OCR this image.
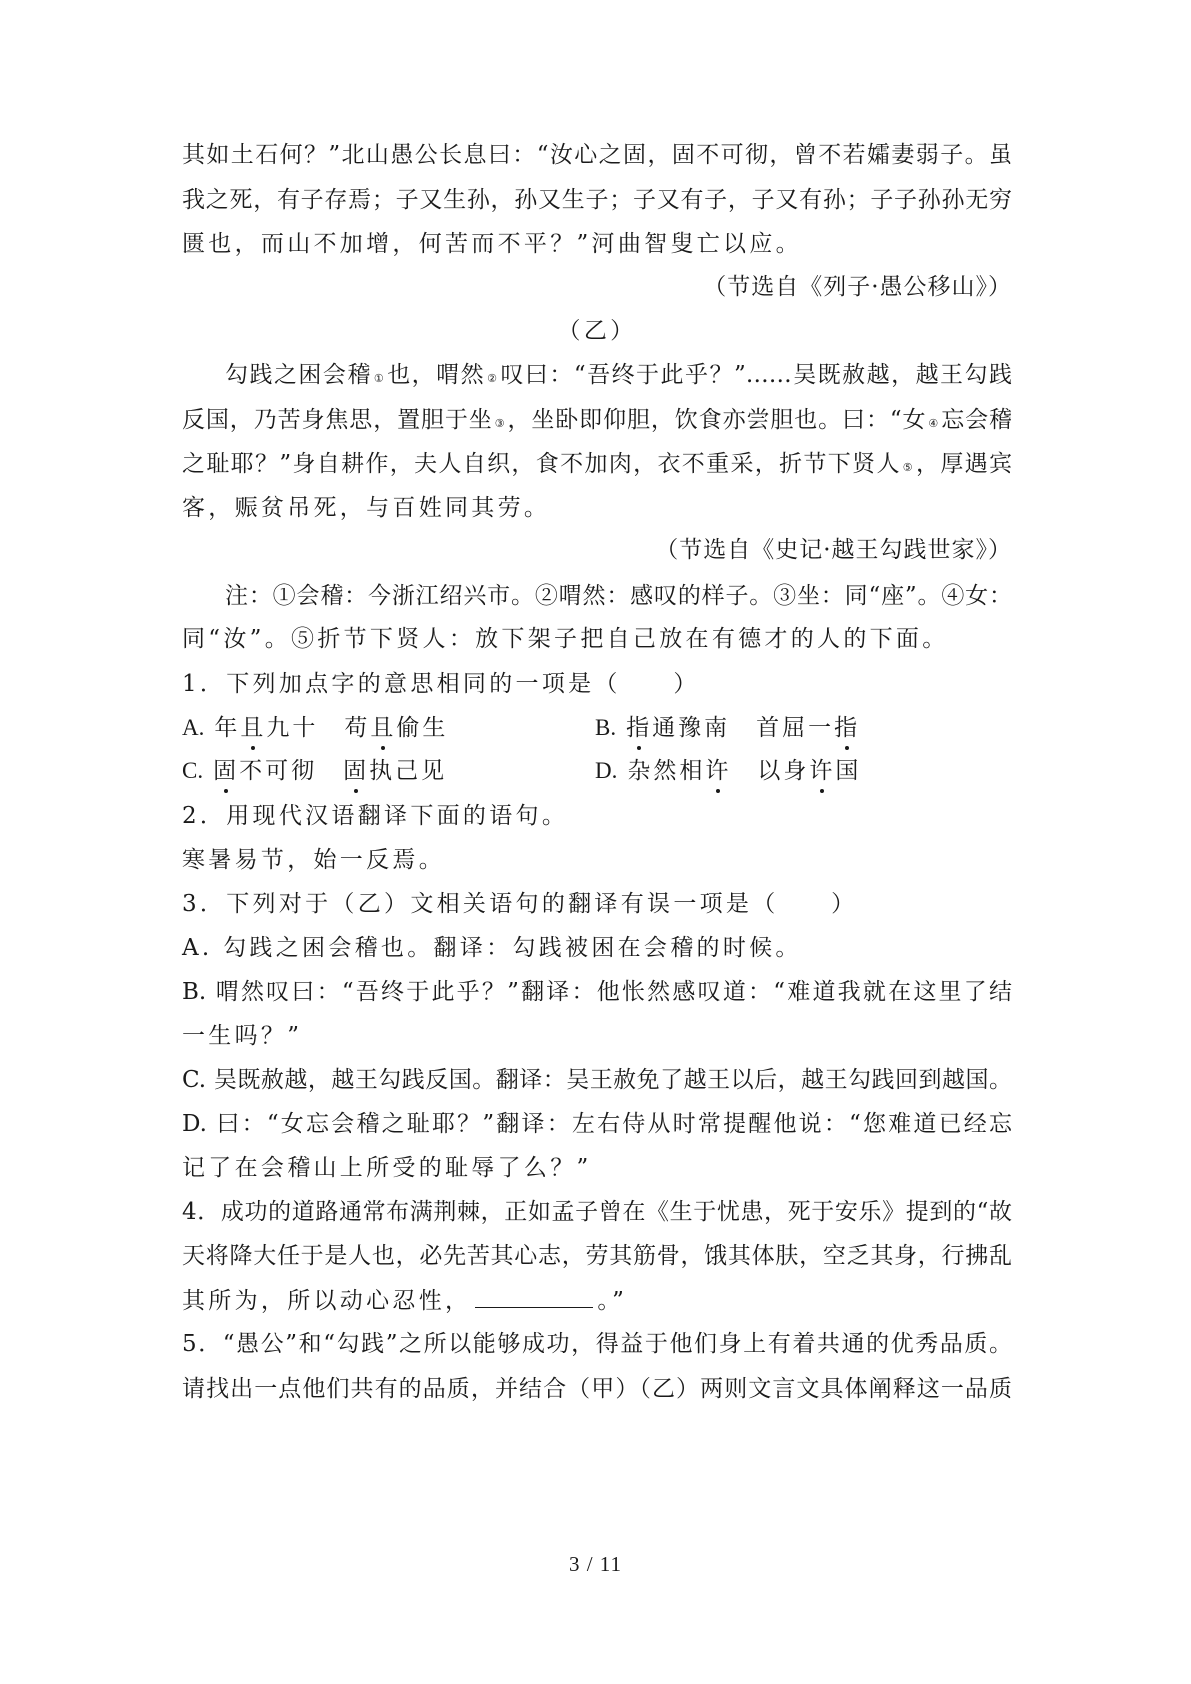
其如土石何？”北山愚公长息曰：“汝心之固，固不可彻，曾不若孀妻弱子。虽
我之死，有子存焉；子又生孙，孙又生子；子又有子，子又有孙；子子孙孙无穷
匮也，而山不加增，何苦而不平？”河曲智叟亡以应。
（节选自《列子·愚公移山》）
（乙）
勾践之困会稽 ①也，喟然 ②叹曰：“吾终于此乎？”……吴既赦越，越王勾践
反国，乃苦身焦思，置胆于坐 ③，坐卧即仰胆，饮食亦尝胆也。曰：“女 ④忘会稽
之耻耶？”身自耕作，夫人自织，食不加肉，衣不重采，折节下贤人 ⑤，厚遇宾
客，赈贫吊死，与百姓同其劳。
（节选自《史记·越王勾践世家》）
注：①会稽：今浙江绍兴市。②喟然：感叹的样子。③坐：同“座”。④女：
同“汝”。⑤折节下贤人：放下架子把自己放在有德才的人的下面。
1．下列加点字的意思相同的一项是（　　）
A. 年且九十　 苟且偷生	B. 指通豫南　 首屈一指
C. 固不可彻　 固执己见	D. 杂然相许　 以身许国
2．用现代汉语翻译下面的语句。
寒暑易节，始一反焉。
3．下列对于（乙）文相关语句的翻译有误一项是（　　）
A. 勾践之困会稽也。翻译：勾践被困在会稽的时候。
B. 喟然叹曰：“吾终于此乎？”翻译：他怅然感叹道：“难道我就在这里了结
一生吗？”
C. 吴既赦越，越王勾践反国。翻译：吴王赦免了越王以后，越王勾践回到越国。
D. 曰：“女忘会稽之耻耶？”翻译：左右侍从时常提醒他说：“您难道已经忘
记了在会稽山上所受的耻辱了么？”
4．成功的道路通常布满荆棘，正如孟子曾在《生于忧患，死于安乐》提到的“故
天将降大任于是人也，必先苦其心志，劳其筋骨，饿其体肤，空乏其身，行拂乱
其所为，所以动心忍性，	。”
5．“愚公”和“勾践”之所以能够成功，得益于他们身上有着共通的优秀品质。
请找出一点他们共有的品质，并结合（甲）（乙）两则文言文具体阐释这一品质
3 / 11
